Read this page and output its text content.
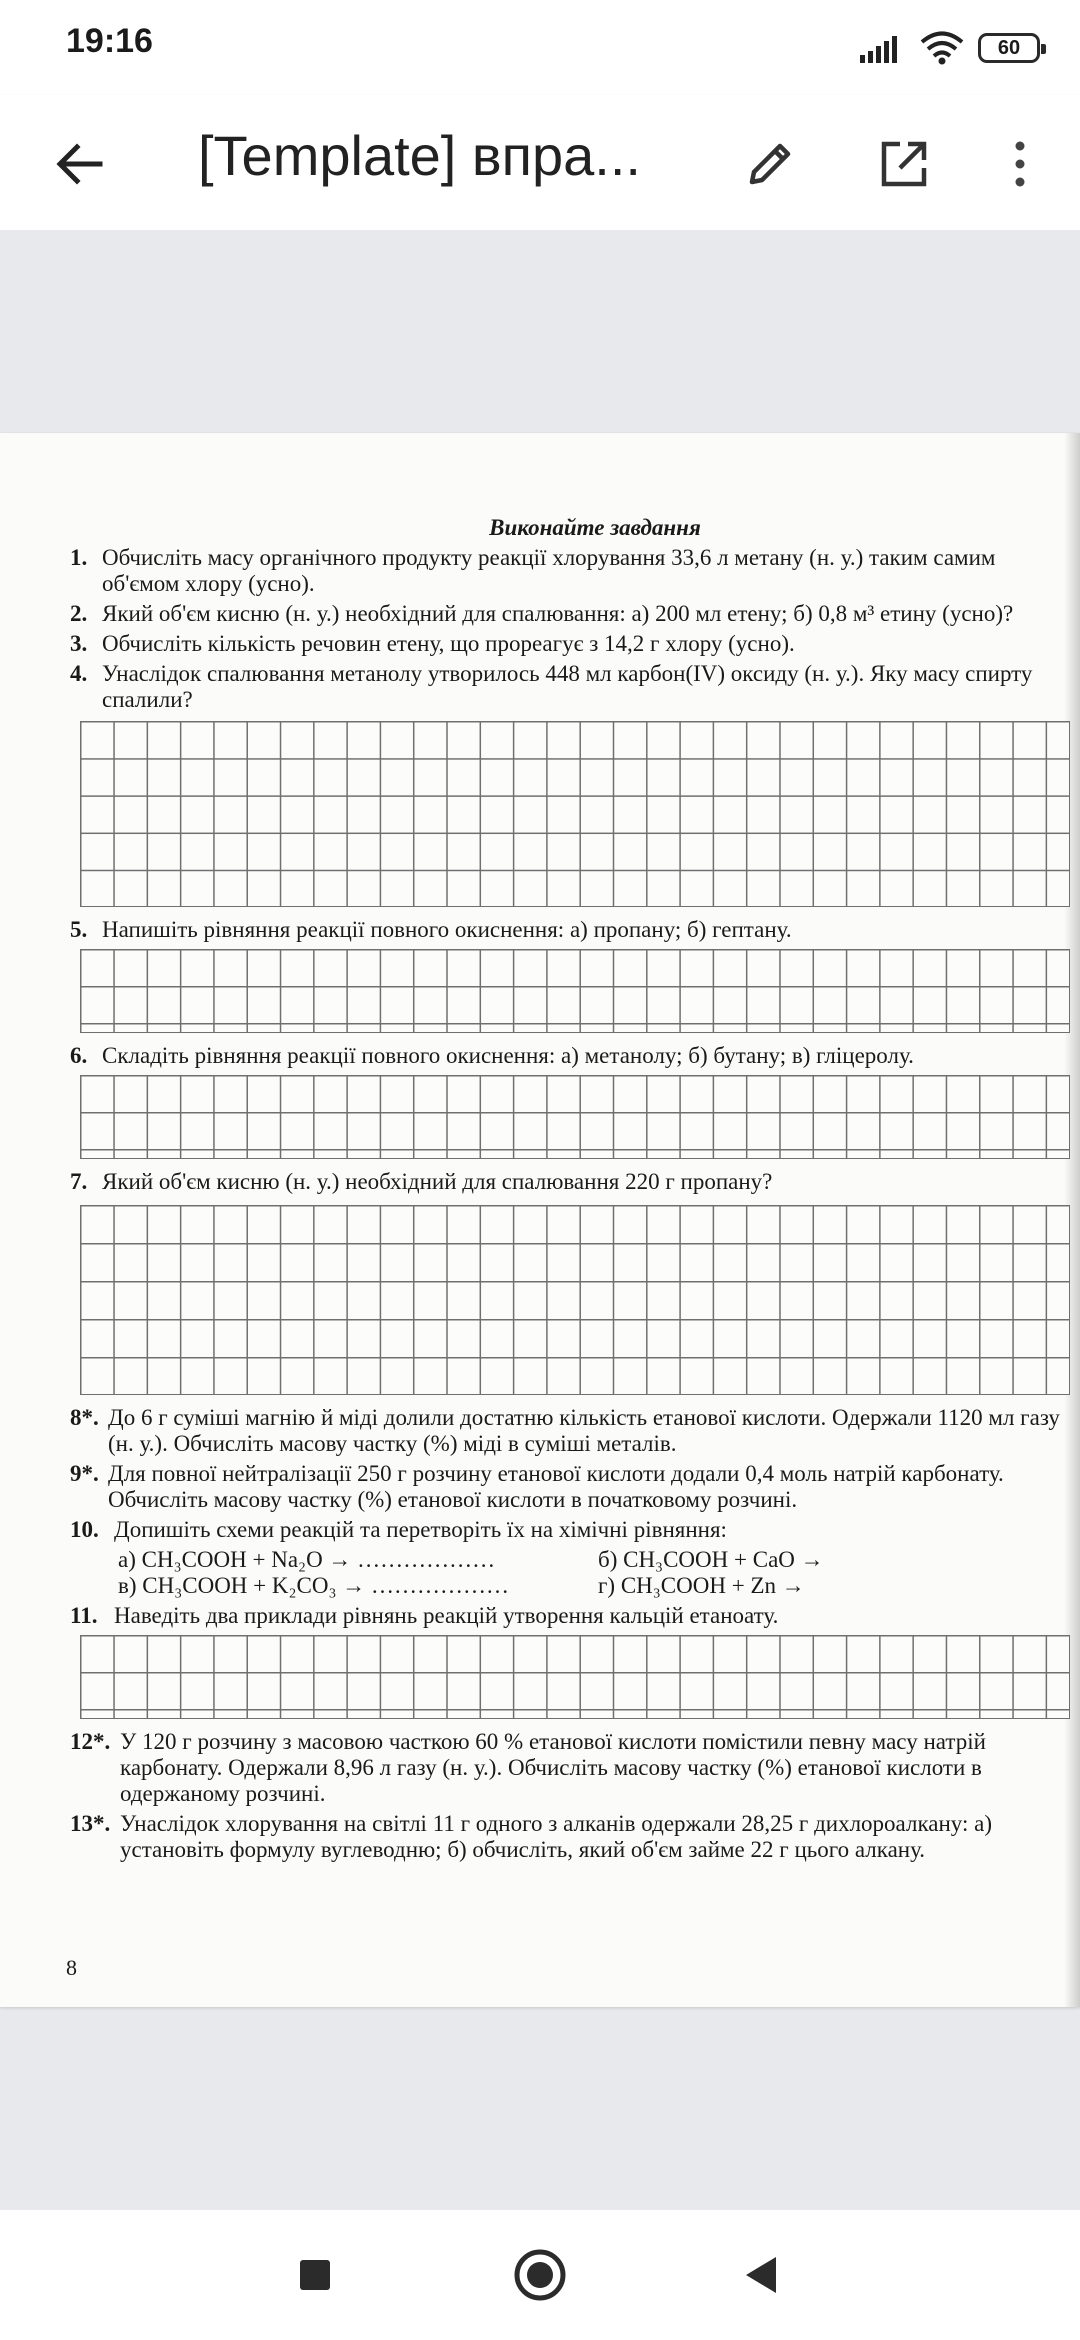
19:16	60
[Template] впра...
Виконайте завдання
1. Обчисліть масу органічного продукту реакції хлорування 33,6 л метану (н. у.) таким самим об'ємом хлору (усно).
2. Який об'єм кисню (н. у.) необхідний для спалювання: а) 200 мл етену; б) 0,8 м³ етину (усно)?
3. Обчисліть кількість речовин етену, що прореагує з 14,2 г хлору (усно).
4. Унаслідок спалювання метанолу утворилось 448 мл карбон(IV) оксиду (н. у.). Яку масу спирту спалили?
5. Напишіть рівняння реакції повного окиснення: а) пропану; б) гептану.
6. Складіть рівняння реакції повного окиснення: а) метанолу; б) бутану; в) гліцеролу.
7. Який об'єм кисню (н. у.) необхідний для спалювання 220 г пропану?
8*. До 6 г суміші магнію й міді долили достатню кількість етанової кислоти. Одержали 1120 мл газу (н. у.). Обчисліть масову частку (%) міді в суміші металів.
9*. Для повної нейтралізації 250 г розчину етанової кислоти додали 0,4 моль натрій карбонату. Обчисліть масову частку (%) етанової кислоти в початковому розчині.
10. Допишіть схеми реакцій та перетворіть їх на хімічні рівняння:
а) CH₃COOH + Na₂O → ………………	б) CH₃COOH + CaO →
в) CH₃COOH + K₂CO₃ → ………………	г) CH₃COOH + Zn →
11. Наведіть два приклади рівнянь реакцій утворення кальцій етаноату.
12*. У 120 г розчину з масовою часткою 60 % етанової кислоти помістили певну масу натрій карбонату. Одержали 8,96 л газу (н. у.). Обчисліть масову частку (%) етанової кислоти в одержаному розчині.
13*. Унаслідок хлорування на світлі 11 г одного з алканів одержали 28,25 г дихлороалкану: а) установіть формулу вуглеводню; б) обчисліть, який об'єм займе 22 г цього алкану.
8
